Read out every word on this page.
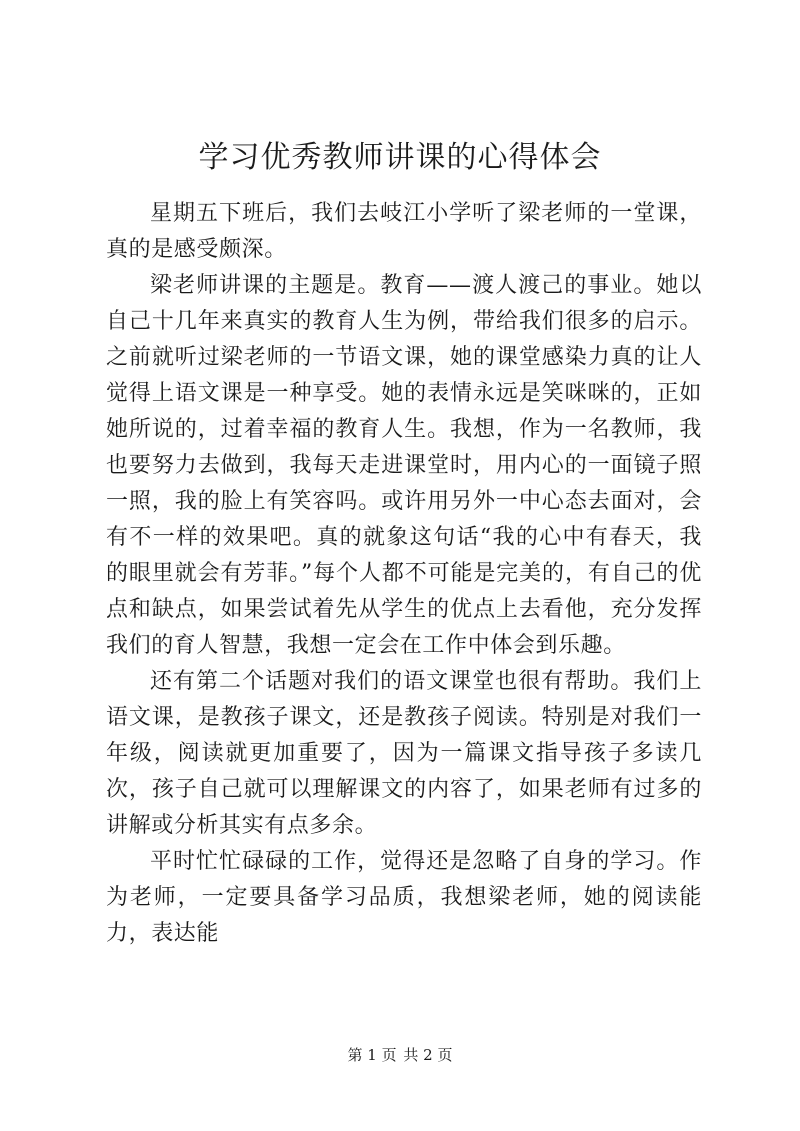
学习优秀教师讲课的心得体会

星期五下班后，我们去岐江小学听了梁老师的一堂课，真的是感受颇深。

梁老师讲课的主题是。教育——渡人渡己的事业。她以自己十几年来真实的教育人生为例，带给我们很多的启示。之前就听过梁老师的一节语文课，她的课堂感染力真的让人觉得上语文课是一种享受。她的表情永远是笑咪咪的，正如她所说的，过着幸福的教育人生。我想，作为一名教师，我也要努力去做到，我每天走进课堂时，用内心的一面镜子照一照，我的脸上有笑容吗。或许用另外一中心态去面对，会有不一样的效果吧。真的就象这句话“我的心中有春天，我的眼里就会有芳菲。”每个人都不可能是完美的，有自己的优点和缺点，如果尝试着先从学生的优点上去看他，充分发挥我们的育人智慧，我想一定会在工作中体会到乐趣。

还有第二个话题对我们的语文课堂也很有帮助。我们上语文课，是教孩子课文，还是教孩子阅读。特别是对我们一年级，阅读就更加重要了，因为一篇课文指导孩子多读几次，孩子自己就可以理解课文的内容了，如果老师有过多的讲解或分析其实有点多余。

平时忙忙碌碌的工作，觉得还是忽略了自身的学习。作为老师，一定要具备学习品质，我想梁老师，她的阅读能力，表达能

第 1 页 共 2 页
